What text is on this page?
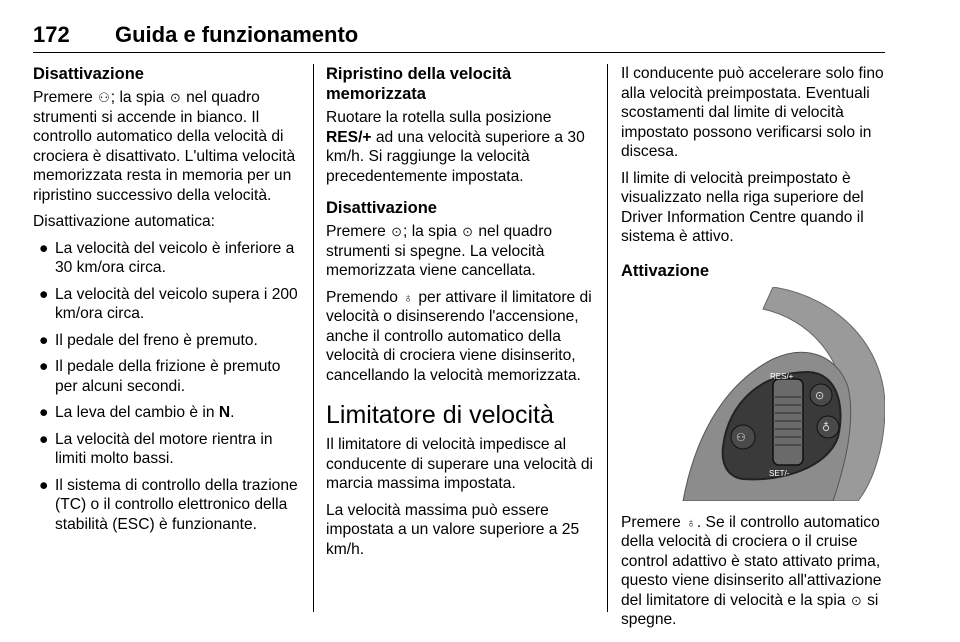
172 Guida e funzionamento
Disattivazione

Premere ⚇; la spia ⊙ nel quadro strumenti si accende in bianco. Il controllo automatico della velocità di crociera è disattivato. L'ultima velocità memorizzata resta in memoria per un ripristino successivo della velocità.

Disattivazione automatica:

● La velocità del veicolo è inferiore a 30 km/ora circa.
● La velocità del veicolo supera i 200 km/ora circa.
● Il pedale del freno è premuto.
● Il pedale della frizione è premuto per alcuni secondi.
● La leva del cambio è in N.
● La velocità del motore rientra in limiti molto bassi.
● Il sistema di controllo della trazione (TC) o il controllo elettronico della stabilità (ESC) è funzionante.
Ripristino della velocità memorizzata

Ruotare la rotella sulla posizione RES/+ ad una velocità superiore a 30 km/h. Si raggiunge la velocità precedentemente impostata.

Disattivazione

Premere ⊙; la spia ⊙ nel quadro strumenti si spegne. La velocità memorizzata viene cancellata.

Premendo ♁ per attivare il limitatore di velocità o disinserendo l'accensione, anche il controllo automatico della velocità di crociera viene disinserito, cancellando la velocità memorizzata.

Limitatore di velocità

Il limitatore di velocità impedisce al conducente di superare una velocità di marcia massima impostata.

La velocità massima può essere impostata a un valore superiore a 25 km/h.

Il conducente può accelerare solo fino alla velocità preimpostata. Eventuali scostamenti dal limite di velocità impostato possono verificarsi solo in discesa.

Il limite di velocità preimpostato è visualizzato nella riga superiore del Driver Information Centre quando il sistema è attivo.

Attivazione
RES/+
SET/-
⚇
⊙
♁

Premere ♁. Se il controllo automatico della velocità di crociera o il cruise control adattivo è stato attivato prima, questo viene disinserito all'attivazione del limitatore di velocità e la spia ⊙ si spegne.
